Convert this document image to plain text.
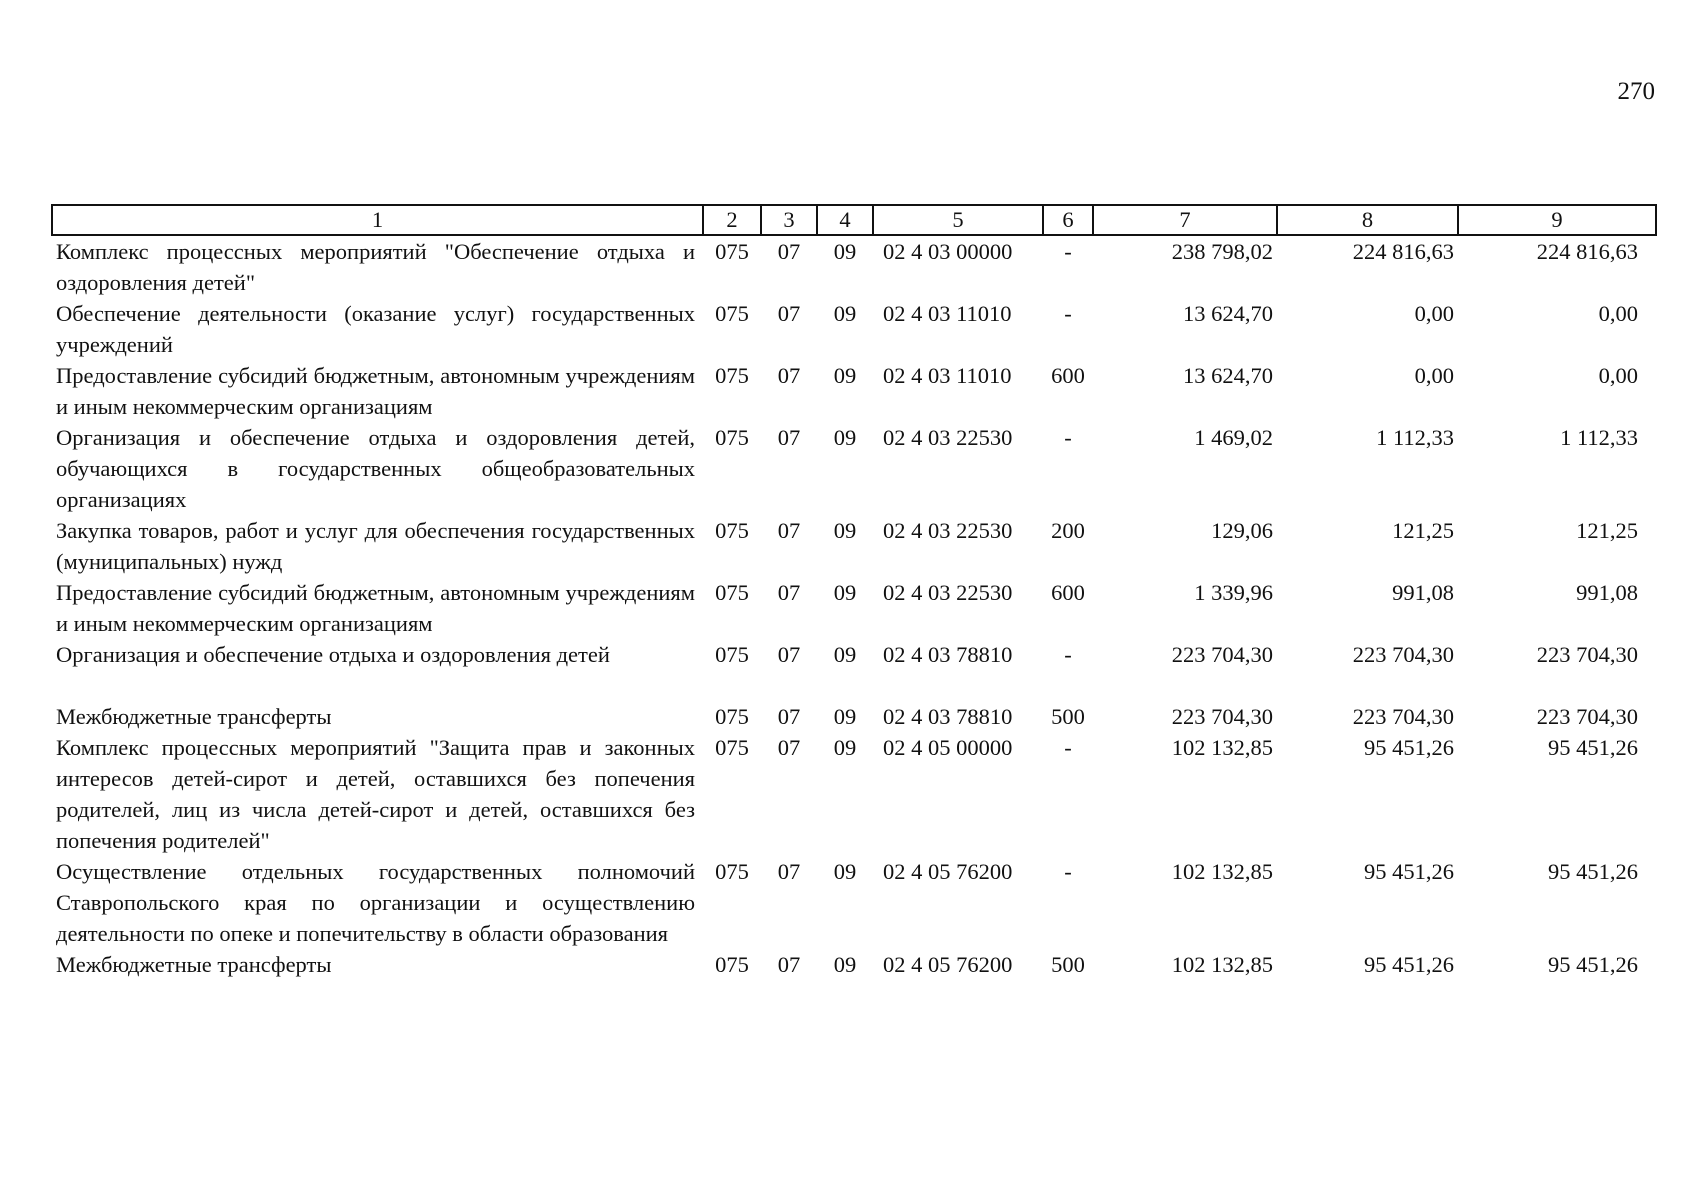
270
1	2	3	4	5	6	7	8	9
Комплекс процессных мероприятий "Обеспечение отдыха и оздоровления детей"	075	07	09	02 4 03 00000	-	238 798,02	224 816,63	224 816,63
Обеспечение деятельности (оказание услуг) государственных учреждений	075	07	09	02 4 03 11010	-	13 624,70	0,00	0,00
Предоставление субсидий бюджетным, автономным учреждениям и иным некоммерческим организациям	075	07	09	02 4 03 11010	600	13 624,70	0,00	0,00
Организация и обеспечение отдыха и оздоровления детей, обучающихся в государственных общеобразовательных организациях	075	07	09	02 4 03 22530	-	1 469,02	1 112,33	1 112,33
Закупка товаров, работ и услуг для обеспечения государственных (муниципальных) нужд	075	07	09	02 4 03 22530	200	129,06	121,25	121,25
Предоставление субсидий бюджетным, автономным учреждениям и иным некоммерческим организациям	075	07	09	02 4 03 22530	600	1 339,96	991,08	991,08
Организация и обеспечение отдыха и оздоровления детей	075	07	09	02 4 03 78810	-	223 704,30	223 704,30	223 704,30

Межбюджетные трансферты	075	07	09	02 4 03 78810	500	223 704,30	223 704,30	223 704,30
Комплекс процессных мероприятий "Защита прав и законных интересов детей-сирот и детей, оставшихся без попечения родителей, лиц из числа детей-сирот и детей, оставшихся без попечения родителей"	075	07	09	02 4 05 00000	-	102 132,85	95 451,26	95 451,26
Осуществление отдельных государственных полномочий Ставропольского края по организации и осуществлению деятельности по опеке и попечительству в области образования	075	07	09	02 4 05 76200	-	102 132,85	95 451,26	95 451,26
Межбюджетные трансферты	075	07	09	02 4 05 76200	500	102 132,85	95 451,26	95 451,26
